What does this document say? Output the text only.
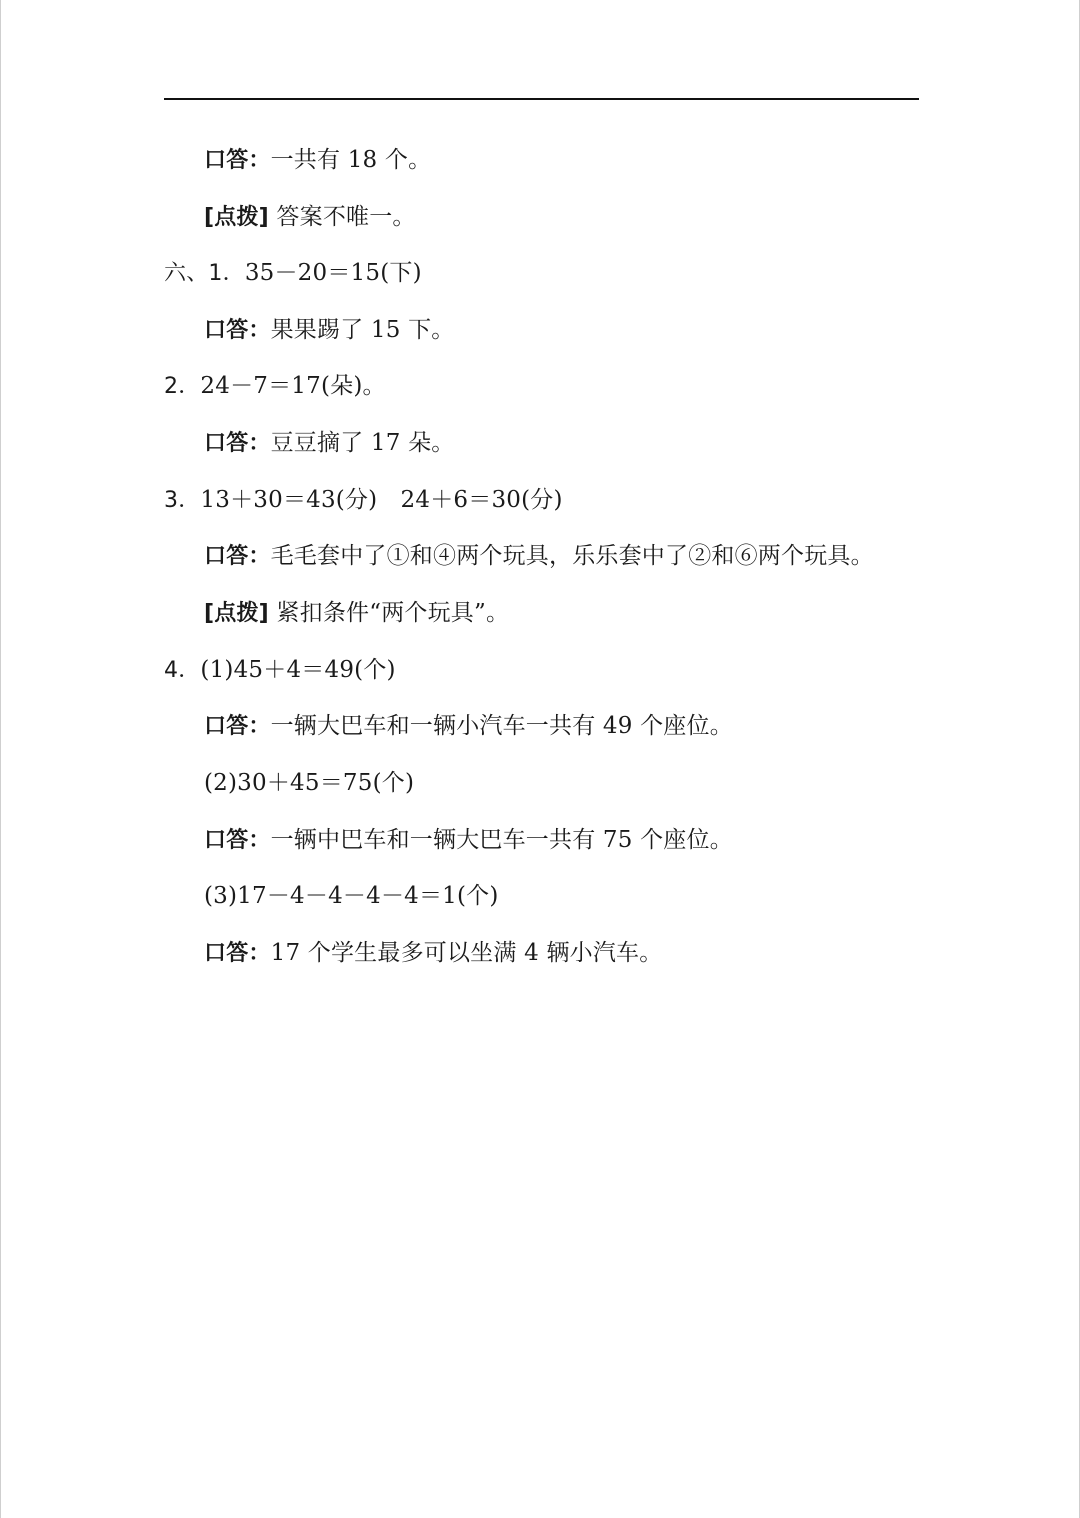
口答：一共有 18 个。
[点拨] 答案不唯一。
六、1．35－20＝15(下)
口答：果果踢了 15 下。
2．24－7＝17(朵)。
口答：豆豆摘了 17 朵。
3．13＋30＝43(分)　24＋6＝30(分)
口答：毛毛套中了①和④两个玩具，乐乐套中了②和⑥两个玩具。
[点拨] 紧扣条件“两个玩具”。
4．(1)45＋4＝49(个)
口答：一辆大巴车和一辆小汽车一共有 49 个座位。
(2)30＋45＝75(个)
口答：一辆中巴车和一辆大巴车一共有 75 个座位。
(3)17－4－4－4－4＝1(个)
口答：17 个学生最多可以坐满 4 辆小汽车。
